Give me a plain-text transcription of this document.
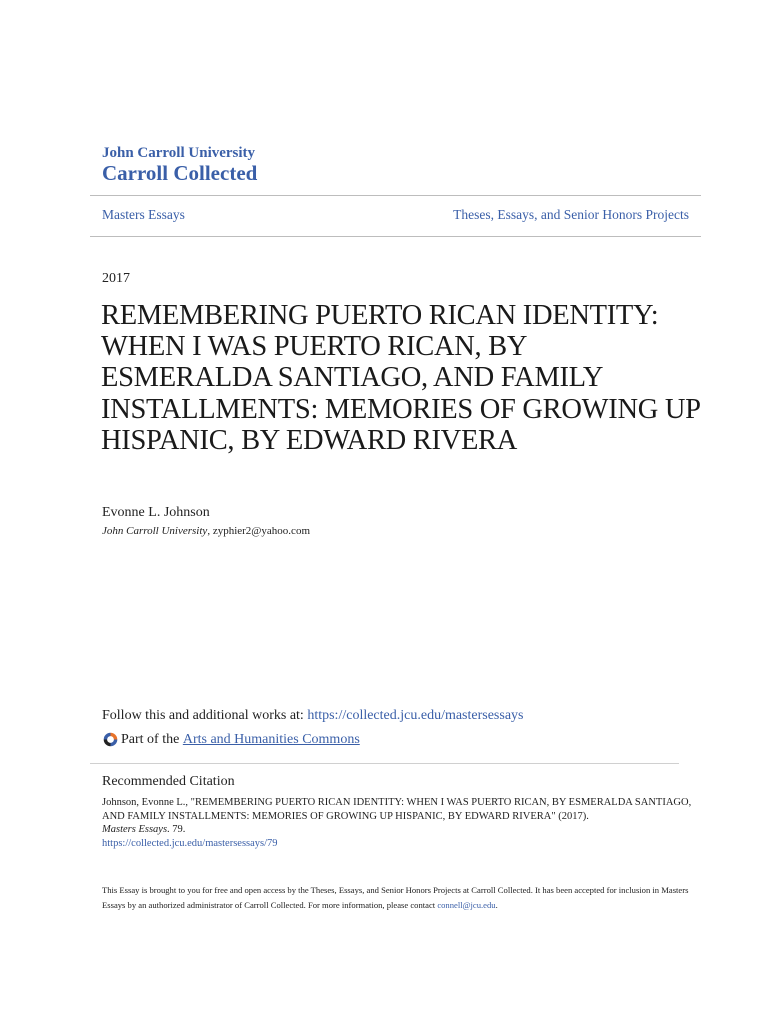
John Carroll University
Carroll Collected
Masters Essays	Theses, Essays, and Senior Honors Projects
2017
REMEMBERING PUERTO RICAN IDENTITY: WHEN I WAS PUERTO RICAN, BY ESMERALDA SANTIAGO, AND FAMILY INSTALLMENTS: MEMORIES OF GROWING UP HISPANIC, BY EDWARD RIVERA
Evonne L. Johnson
John Carroll University, zyphier2@yahoo.com
Follow this and additional works at: https://collected.jcu.edu/mastersessays
Part of the
Arts and Humanities Commons
Recommended Citation
Johnson, Evonne L., "REMEMBERING PUERTO RICAN IDENTITY: WHEN I WAS PUERTO RICAN, BY ESMERALDA SANTIAGO, AND FAMILY INSTALLMENTS: MEMORIES OF GROWING UP HISPANIC, BY EDWARD RIVERA" (2017).
Masters Essays. 79.
https://collected.jcu.edu/mastersessays/79
This Essay is brought to you for free and open access by the Theses, Essays, and Senior Honors Projects at Carroll Collected. It has been accepted for inclusion in Masters Essays by an authorized administrator of Carroll Collected. For more information, please contact connell@jcu.edu.
